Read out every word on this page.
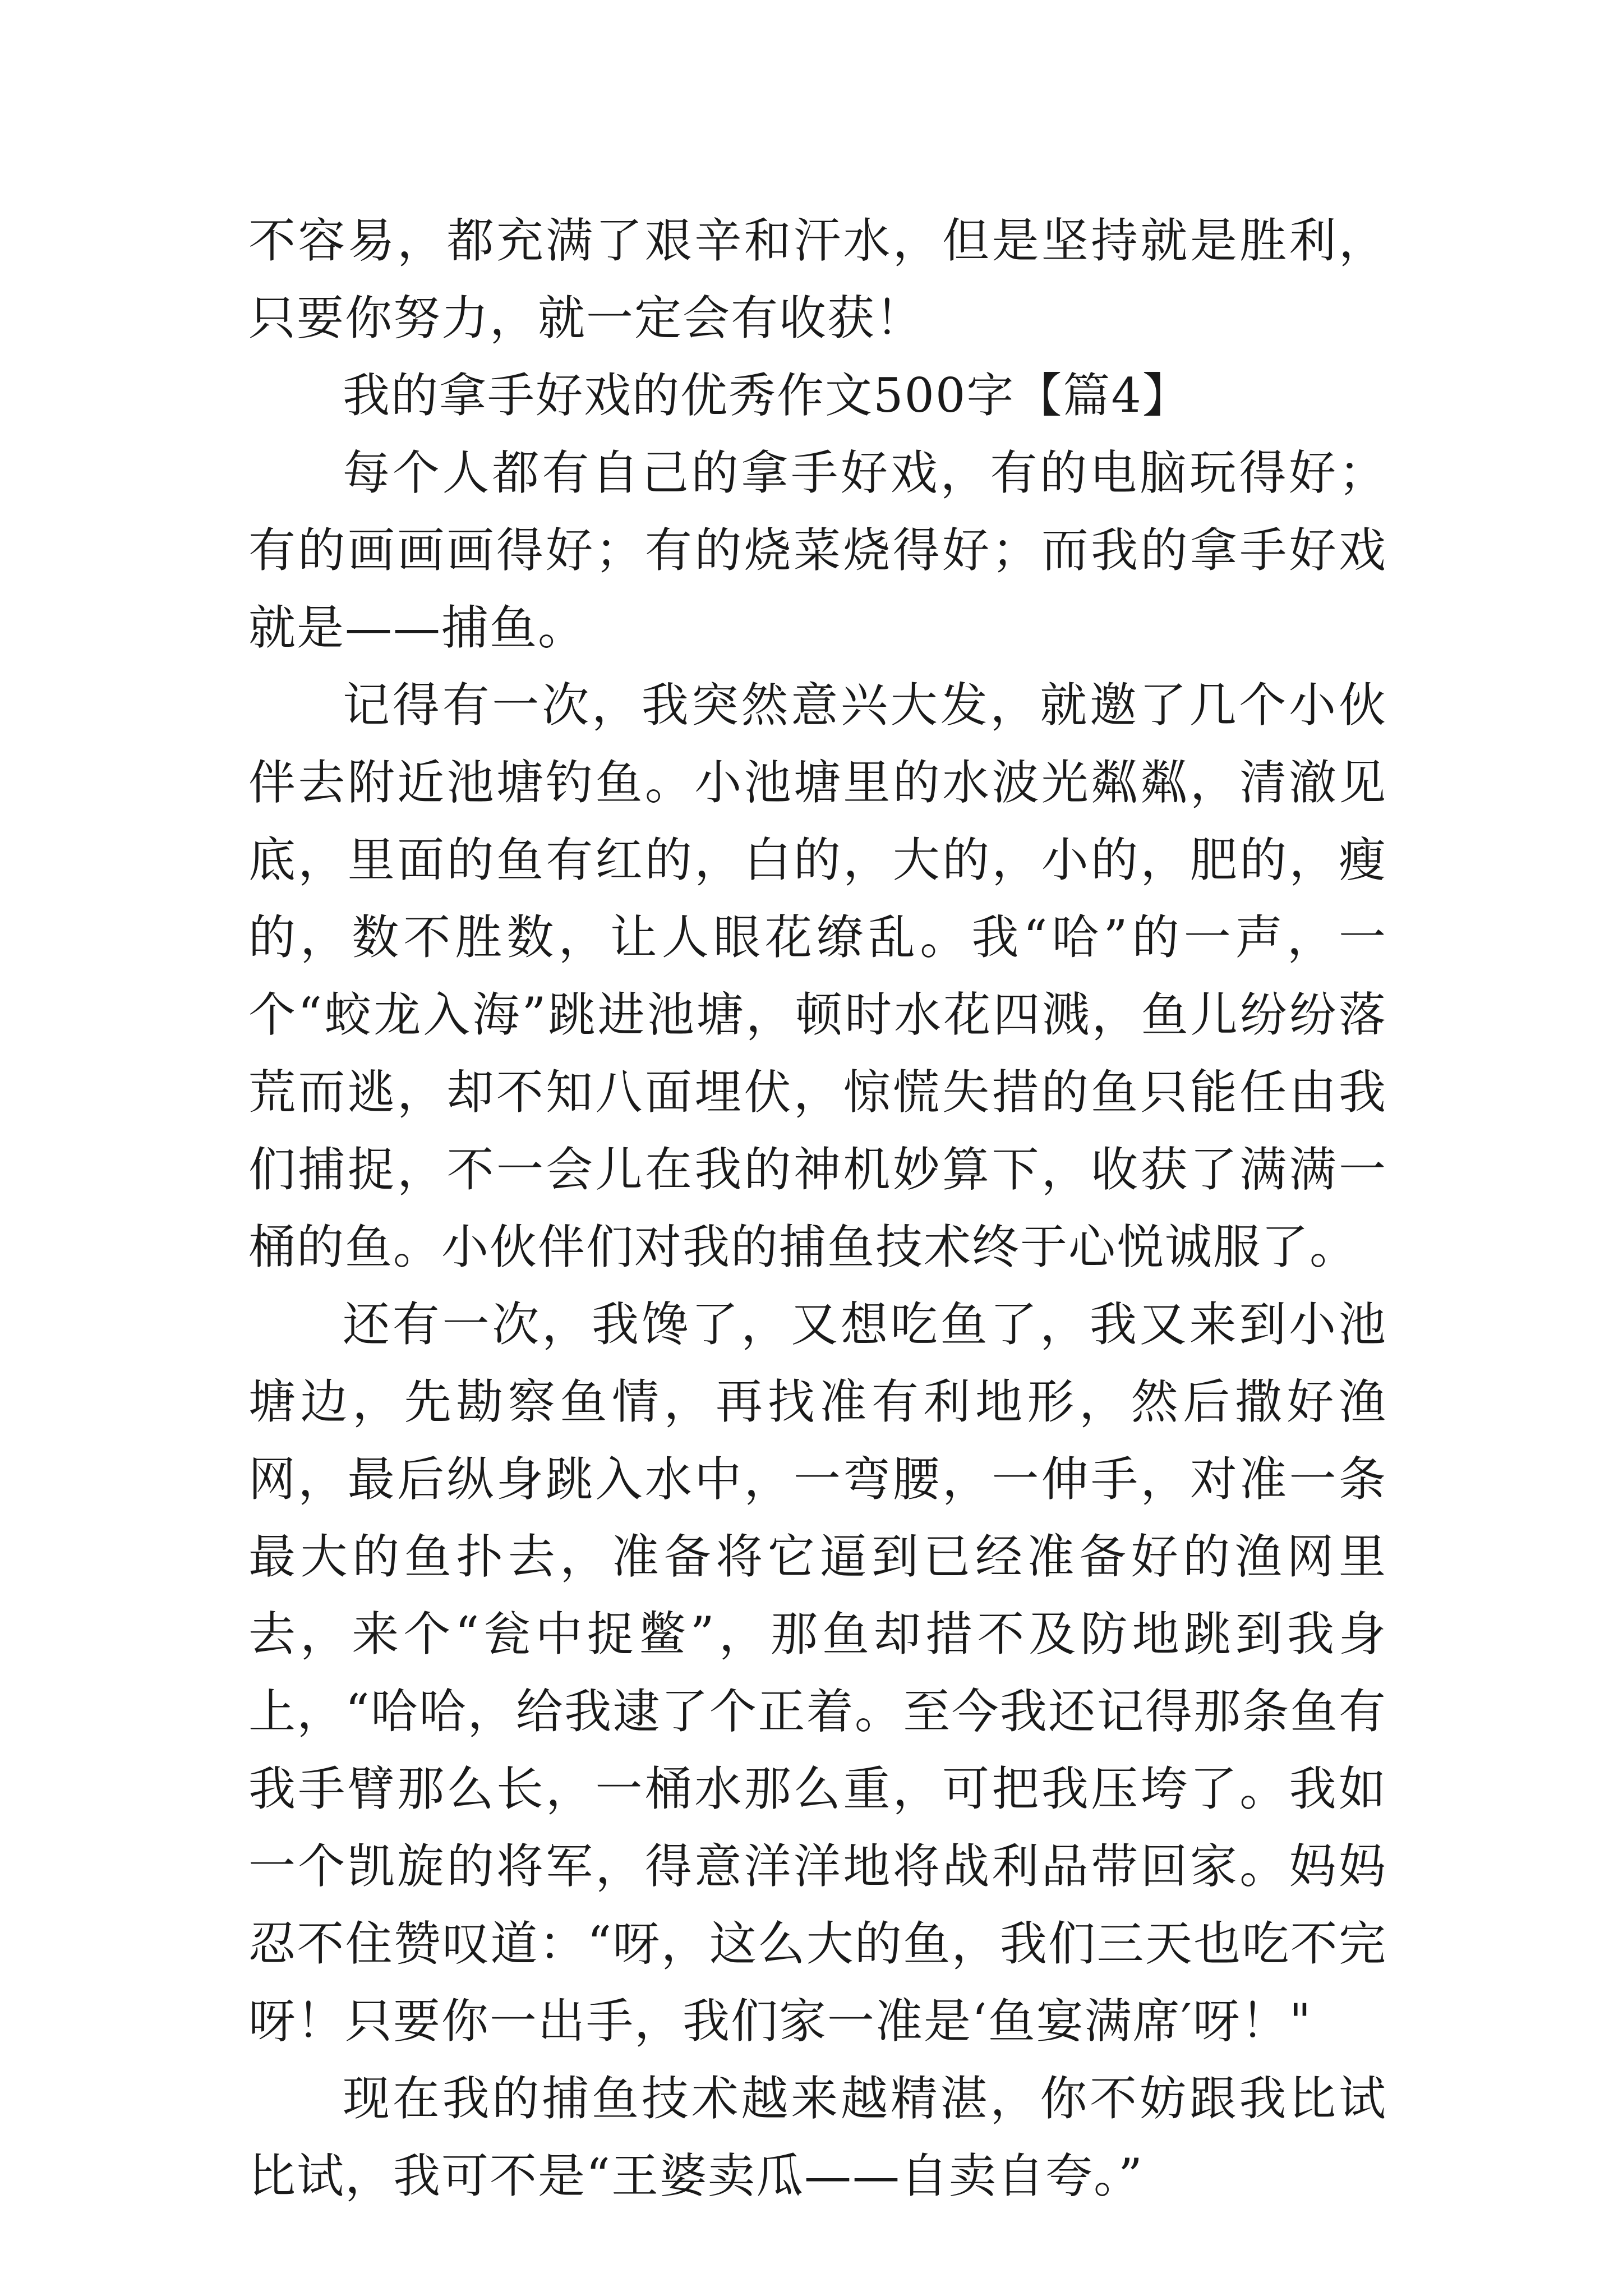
不容易，都充满了艰辛和汗水，但是坚持就是胜利，只要你努力，就一定会有收获！

我的拿手好戏的优秀作文500字【篇4】

每个人都有自己的拿手好戏，有的电脑玩得好；有的画画画得好；有的烧菜烧得好；而我的拿手好戏就是——捕鱼。

记得有一次，我突然意兴大发，就邀了几个小伙伴去附近池塘钓鱼。小池塘里的水波光粼粼，清澈见底，里面的鱼有红的，白的，大的，小的，肥的，瘦的，数不胜数，让人眼花缭乱。我“哈”的一声，一个“蛟龙入海”跳进池塘，顿时水花四溅，鱼儿纷纷落荒而逃，却不知八面埋伏，惊慌失措的鱼只能任由我们捕捉，不一会儿在我的神机妙算下，收获了满满一桶的鱼。小伙伴们对我的捕鱼技术终于心悦诚服了。

还有一次，我馋了，又想吃鱼了，我又来到小池塘边，先勘察鱼情，再找准有利地形，然后撒好渔网，最后纵身跳入水中，一弯腰，一伸手，对准一条最大的鱼扑去，准备将它逼到已经准备好的渔网里去，来个“瓮中捉鳖”，那鱼却措不及防地跳到我身上，“哈哈，给我逮了个正着。至今我还记得那条鱼有我手臂那么长，一桶水那么重，可把我压垮了。我如一个凯旋的将军，得意洋洋地将战利品带回家。妈妈忍不住赞叹道：“呀，这么大的鱼，我们三天也吃不完呀！只要你一出手，我们家一准是‘鱼宴满席′呀！"

现在我的捕鱼技术越来越精湛，你不妨跟我比试比试，我可不是“王婆卖瓜——自卖自夸。”
